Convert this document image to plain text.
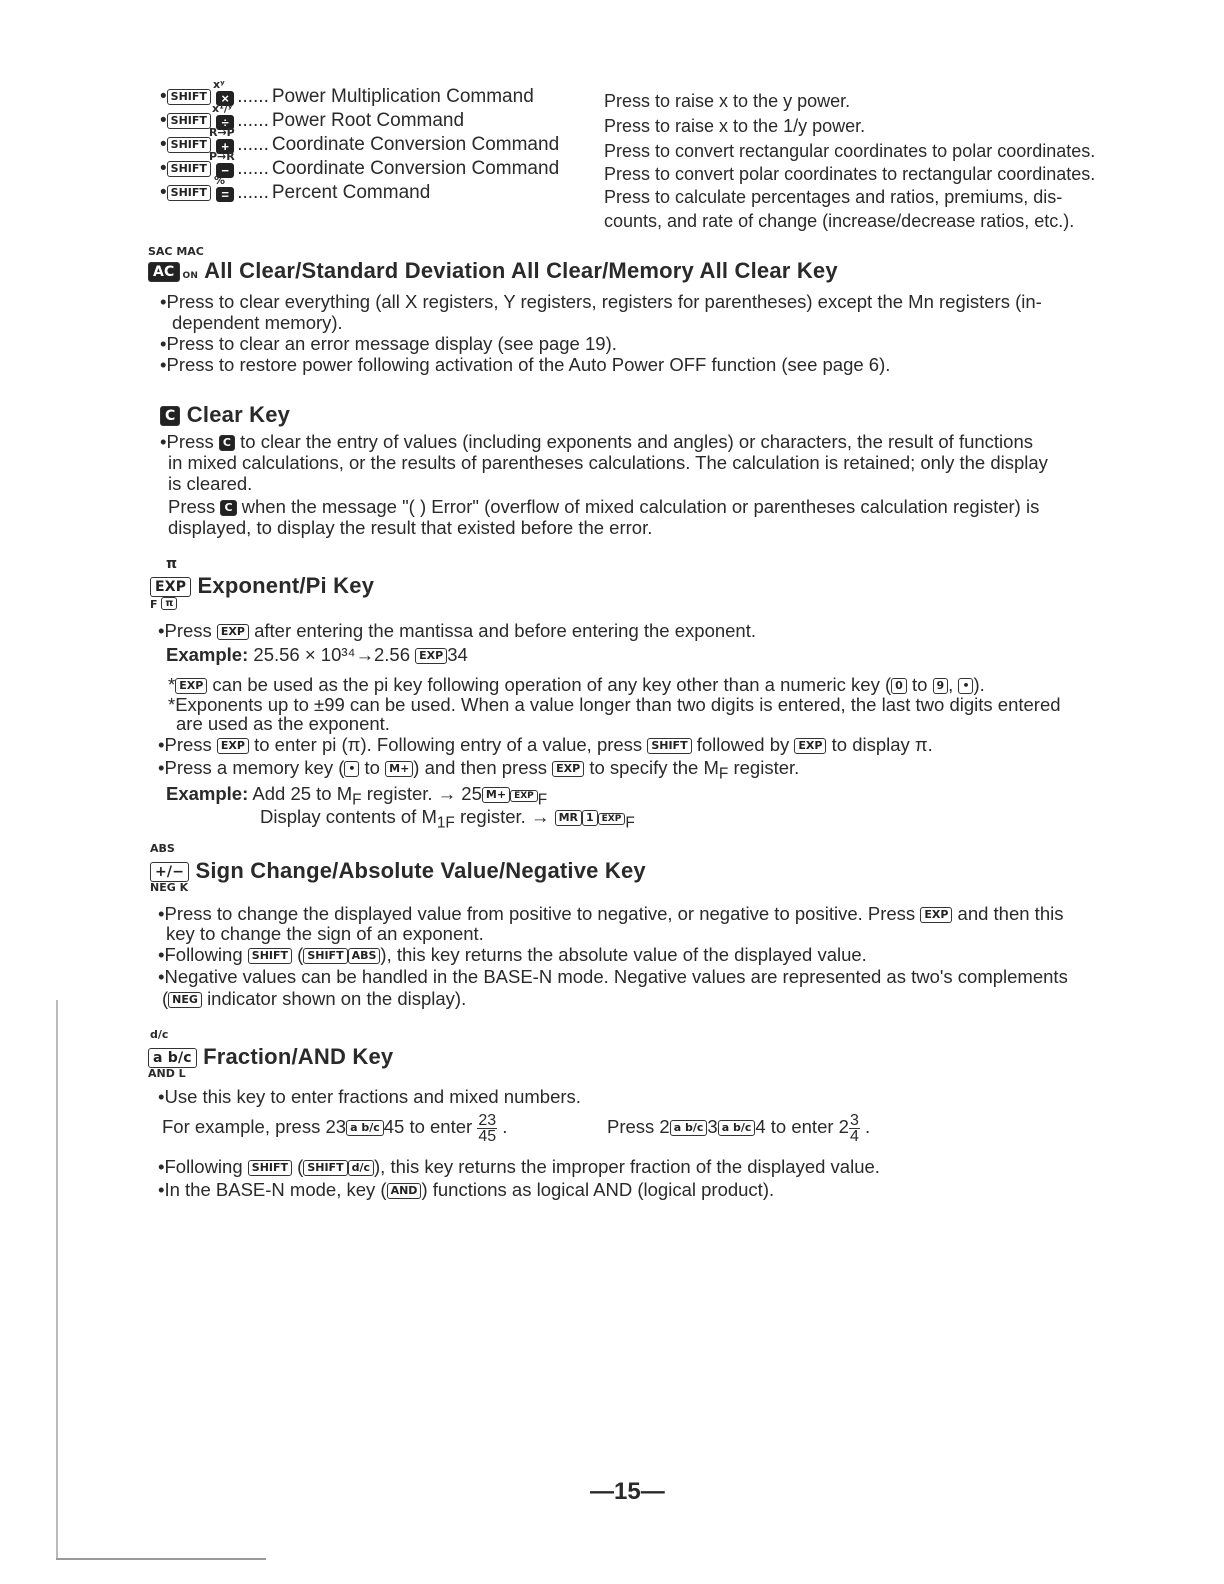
• SHIFT × ...... Power Multiplication Command
• SHIFT ÷ ...... Power Root Command
• SHIFT + ...... Coordinate Conversion Command
• SHIFT − ...... Coordinate Conversion Command
• SHIFT = ...... Percent Command
xʸ
x¹/ʸ
R→P
P→R
%
Press to raise x to the y power.
Press to raise x to the 1/y power.
Press to convert rectangular coordinates to polar coordinates.
Press to convert polar coordinates to rectangular coordinates.
Press to calculate percentages and ratios, premiums, dis-
counts, and rate of change (increase/decrease ratios, etc.).
SAC MAC
AC ON All Clear/Standard Deviation All Clear/Memory All Clear Key
•Press to clear everything (all X registers, Y registers, registers for parentheses) except the Mn registers (in-
dependent memory).
•Press to clear an error message display (see page 19).
•Press to restore power following activation of the Auto Power OFF function (see page 6).
C Clear Key
•Press C to clear the entry of values (including exponents and angles) or characters, the result of functions
in mixed calculations, or the results of parentheses calculations. The calculation is retained; only the display
is cleared.
Press C when the message "( ) Error" (overflow of mixed calculation or parentheses calculation register) is
displayed, to display the result that existed before the error.
π
EXP Exponent/Pi Key
F π
•Press EXP after entering the mantissa and before entering the exponent.
Example: 25.56 × 10³⁴→2.56 EXP 34
* EXP can be used as the pi key following operation of any key other than a numeric key ( 0 to 9 , • ).
*Exponents up to ±99 can be used. When a value longer than two digits is entered, the last two digits entered
are used as the exponent.
•Press EXP to enter pi (π). Following entry of a value, press SHIFT followed by EXP to display π.
•Press a memory key ( • to M+ ) and then press EXP to specify the $M_F$ register.
Example: Add 25 to $M_F$ register. → 25 M+ EXP $_F$
Display contents of $M_{1F}$ register. → MR 1 EXP $_F$
ABS
+/− Sign Change/Absolute Value/Negative Key
NEG K
•Press to change the displayed value from positive to negative, or negative to positive. Press EXP and then this
key to change the sign of an exponent.
•Following SHIFT ( SHIFT ABS ), this key returns the absolute value of the displayed value.
•Negative values can be handled in the BASE-N mode. Negative values are represented as two's complements
( NEG indicator shown on the display).
d/c
a b/c Fraction/AND Key
AND L
•Use this key to enter fractions and mixed numbers.
For example, press 23 a b/c 45 to enter $\frac{23}{45}$ .	Press 2 a b/c 3 a b/c 4 to enter $2 \frac{3}{4}$ .
•Following SHIFT ( SHIFT d/c ), this key returns the improper fraction of the displayed value.
•In the BASE-N mode, key ( AND ) functions as logical AND (logical product).
—15—
